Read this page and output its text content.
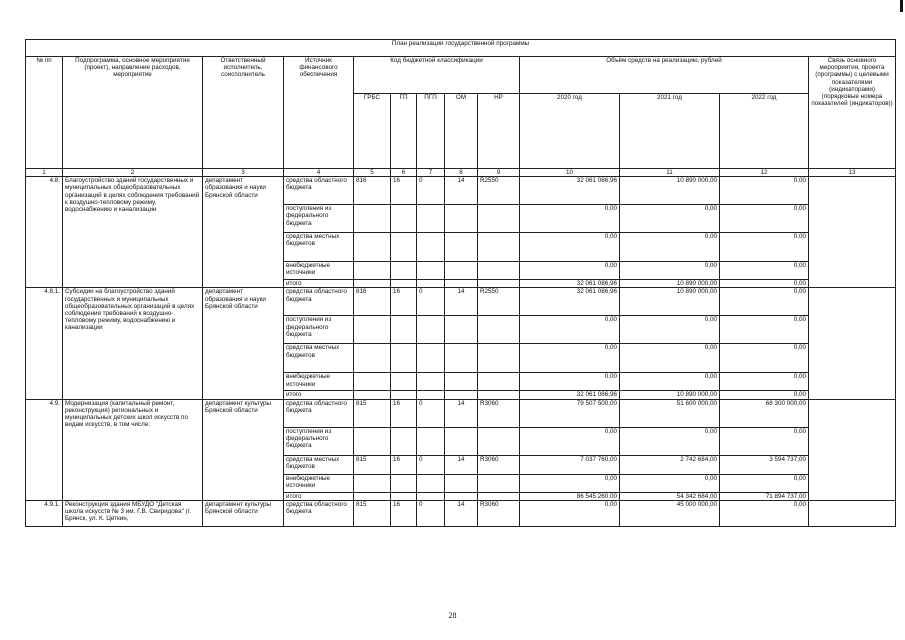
План реализации государственной программы												
№ пп	Подпрограмма, основное мероприятие (проект), направление расходов, мероприятие	Ответственный исполнитель, соисполнитель	Источник финансового обеспечения	Код бюджетной классификации					Объём средств на реализацию, рублей			Связь основного мероприятия, проекта (программы) с целевыми показателями (индикаторами) (порядковые номера показателей (индикаторов))
				ГРБС	ГП	ПГП	ОМ	НР	2020 год	2021 год	2022 год	
1	2	3	4	5	6	7	8	9	10	11	12	13
4.8.	Благоустройство зданий государственных и муниципальных общеобразовательных организаций в целях соблюдения требований к воздушно-тепловому режиму, водоснабжению и канализации	департамент образования и науки Брянской области	средства областного бюджета	816	16	0	14	R2550	32 061 086,96	10 890 000,00	0,00	
			поступления из федерального бюджета						0,00	0,00	0,00	
			средства местных бюджетов						0,00	0,00	0,00	
			внебюджетные источники						0,00	0,00	0,00	
			итого						32 061 086,96	10 890 000,00	0,00	
4.8.1.	Субсидии на благоустройство зданий государственных и муниципальных общеобразовательных организаций в целях соблюдения требований к воздушно-тепловому режиму, водоснабжению и канализации	департамент образования и науки Брянской области	средства областного бюджета	816	16	0	14	R2550	32 061 086,96	10 890 000,00	0,00	
			поступления из федерального бюджета						0,00	0,00	0,00	
			средства местных бюджетов						0,00	0,00	0,00	
			внебюджетные источники						0,00	0,00	0,00	
			итого						32 061 086,96	10 890 000,00	0,00	
4.9.	Модернизация (капитальный ремонт, реконструкция) региональных и муниципальных детских школ искусств по видам искусств, в том числе:	департамент культуры Брянской области	средства областного бюджета	815	16	0	14	R3060	79 507 500,00	51 600 000,00	68 300 000,00	
			поступления из федерального бюджета						0,00	0,00	0,00	
			средства местных бюджетов	815	16	0	14	R3060	7 037 760,00	2 742 684,00	3 594 737,00	
			внебюджетные источники						0,00	0,00	0,00	
			итого						86 545 260,00	54 342 684,00	71 894 737,00	
4.9.1.	Реконструкция здания МБУДО "Детская школа искусств № 3 им. Г.В. Свиридова" (г. Брянск, ул. К. Цеткин,	департамент культуры Брянской области	средства областного бюджета	815	16	0	14	R3060	0,00	45 000 000,00	0,00	
28
